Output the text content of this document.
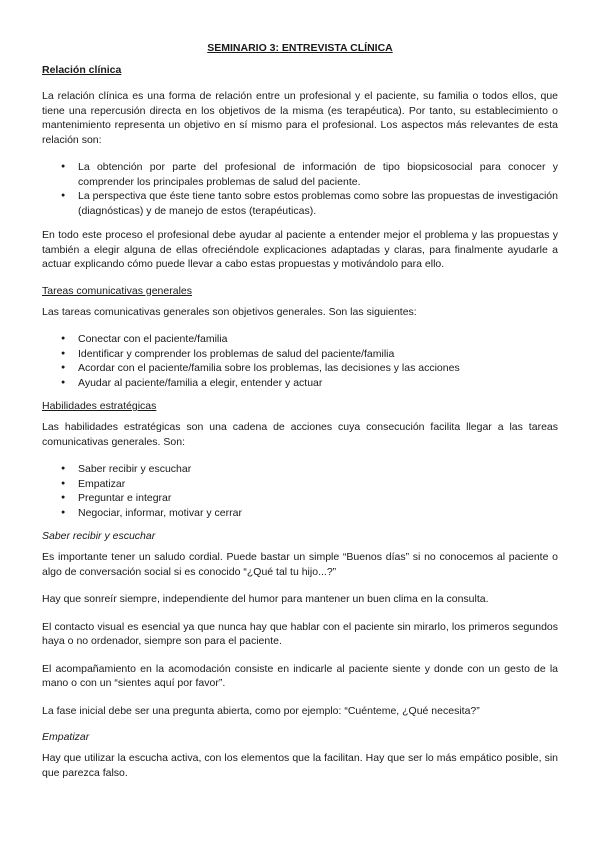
SEMINARIO 3: ENTREVISTA CLÍNICA
Relación clínica

La relación clínica es una forma de relación entre un profesional y el paciente, su familia o todos ellos, que tiene una repercusión directa en los objetivos de la misma (es terapéutica). Por tanto, su establecimiento o mantenimiento representa un objetivo en sí mismo para el profesional. Los aspectos más relevantes de esta relación son:

● La obtención por parte del profesional de información de tipo biopsicosocial para conocer y comprender los principales problemas de salud del paciente.
● La perspectiva que éste tiene tanto sobre estos problemas como sobre las propuestas de investigación (diagnósticas) y de manejo de estos (terapéuticas).

En todo este proceso el profesional debe ayudar al paciente a entender mejor el problema y las propuestas y también a elegir alguna de ellas ofreciéndole explicaciones adaptadas y claras, para finalmente ayudarle a actuar explicando cómo puede llevar a cabo estas propuestas y motivándolo para ello.

Tareas comunicativas generales

Las tareas comunicativas generales son objetivos generales. Son las siguientes:

● Conectar con el paciente/familia
● Identificar y comprender los problemas de salud del paciente/familia
● Acordar con el paciente/familia sobre los problemas, las decisiones y las acciones
● Ayudar al paciente/familia a elegir, entender y actuar
Habilidades estratégicas

Las habilidades estratégicas son una cadena de acciones cuya consecución facilita llegar a las tareas comunicativas generales. Son:

● Saber recibir y escuchar
● Empatizar
● Preguntar e integrar
● Negociar, informar, motivar y cerrar
Saber recibir y escuchar

Es importante tener un saludo cordial. Puede bastar un simple “Buenos días” si no conocemos al paciente o algo de conversación social si es conocido “¿Qué tal tu hijo...?”

Hay que sonreír siempre, independiente del humor para mantener un buen clima en la consulta.

El contacto visual es esencial ya que nunca hay que hablar con el paciente sin mirarlo, los primeros segundos haya o no ordenador, siempre son para el paciente.

El acompañamiento en la acomodación consiste en indicarle al paciente siente y donde con un gesto de la mano o con un “sientes aquí por favor”.

La fase inicial debe ser una pregunta abierta, como por ejemplo: “Cuénteme, ¿Qué necesita?”

Empatizar

Hay que utilizar la escucha activa, con los elementos que la facilitan. Hay que ser lo más empático posible, sin que parezca falso.
